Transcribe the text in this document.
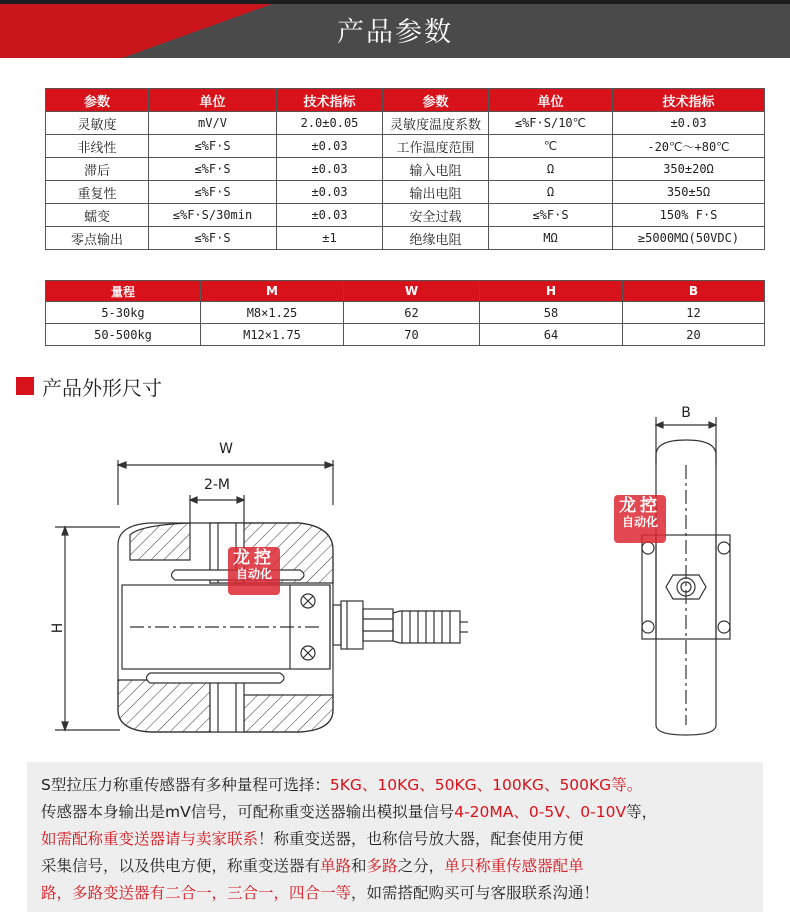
产品参数
参数	单位	技术指标	参数	单位	技术指标
灵敏度	mV/V	2.0±0.05	灵敏度温度系数	≤%F·S/10℃	±0.03
非线性	≤%F·S	±0.03	工作温度范围	℃	-20℃～+80℃
滞后	≤%F·S	±0.03	输入电阻	Ω	350±20Ω
重复性	≤%F·S	±0.03	输出电阻	Ω	350±5Ω
蠕变	≤%F·S/30min	±0.03	安全过载	≤%F·S	150% F·S
零点输出	≤%F·S	±1	绝缘电阻	MΩ	≥5000MΩ(50VDC)
量程	M	W	H	B
5-30kg	M8×1.25	62	58	12
50-500kg	M12×1.75	70	64	20
产品外形尺寸
W
2-M
H
B
龙控
自动化
龙控
自动化

S型拉压力称重传感器有多种量程可选择：5KG、10KG、50KG、100KG、500KG等。

传感器本身输出是mV信号，可配称重变送器输出模拟量信号4-20MA、0-5V、0-10V等，

如需配称重变送器请与卖家联系！称重变送器，也称信号放大器，配套使用方便

采集信号，以及供电方便，称重变送器有单路和多路之分，单只称重传感器配单

路，多路变送器有二合一，三合一，四合一等，如需搭配购买可与客服联系沟通！
